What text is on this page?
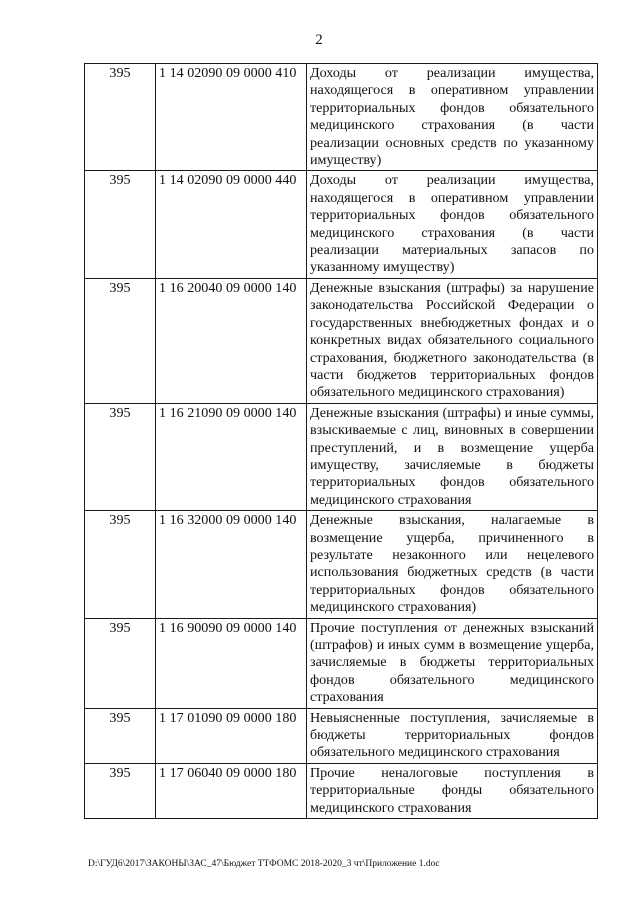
2
395	1 14 02090 09 0000 410	Доходы от реализации имущества, находящегося в оперативном управлении территориальных фондов обязательного медицинского страхования (в части реализации основных средств по указанному имуществу)
395	1 14 02090 09 0000 440	Доходы от реализации имущества, находящегося в оперативном управлении территориальных фондов обязательного медицинского страхования (в части реализации материальных запасов по указанному имуществу)
395	1 16 20040 09 0000 140	Денежные взыскания (штрафы) за нарушение законодательства Российской Федерации о государственных внебюджетных фондах и о конкретных видах обязательного социального страхования, бюджетного законодательства (в части бюджетов территориальных фондов обязательного медицинского страхования)
395	1 16 21090 09 0000 140	Денежные взыскания (штрафы) и иные суммы, взыскиваемые с лиц, виновных в совершении преступлений, и в возмещение ущерба имуществу, зачисляемые в бюджеты территориальных фондов обязательного медицинского страхования
395	1 16 32000 09 0000 140	Денежные взыскания, налагаемые в возмещение ущерба, причиненного в результате незаконного или нецелевого использования бюджетных средств (в части территориальных фондов обязательного медицинского страхования)
395	1 16 90090 09 0000 140	Прочие поступления от денежных взысканий (штрафов) и иных сумм в возмещение ущерба, зачисляемые в бюджеты территориальных фондов обязательного медицинского страхования
395	1 17 01090 09 0000 180	Невыясненные поступления, зачисляемые в бюджеты территориальных фондов обязательного медицинского страхования
395	1 17 06040 09 0000 180	Прочие неналоговые поступления в территориальные фонды обязательного медицинского страхования
D:\ГУД6\2017\ЗАКОНЫ\ЗАС_47\Бюджет ТТФОМС 2018-2020_3 чт\Приложение 1.doc
